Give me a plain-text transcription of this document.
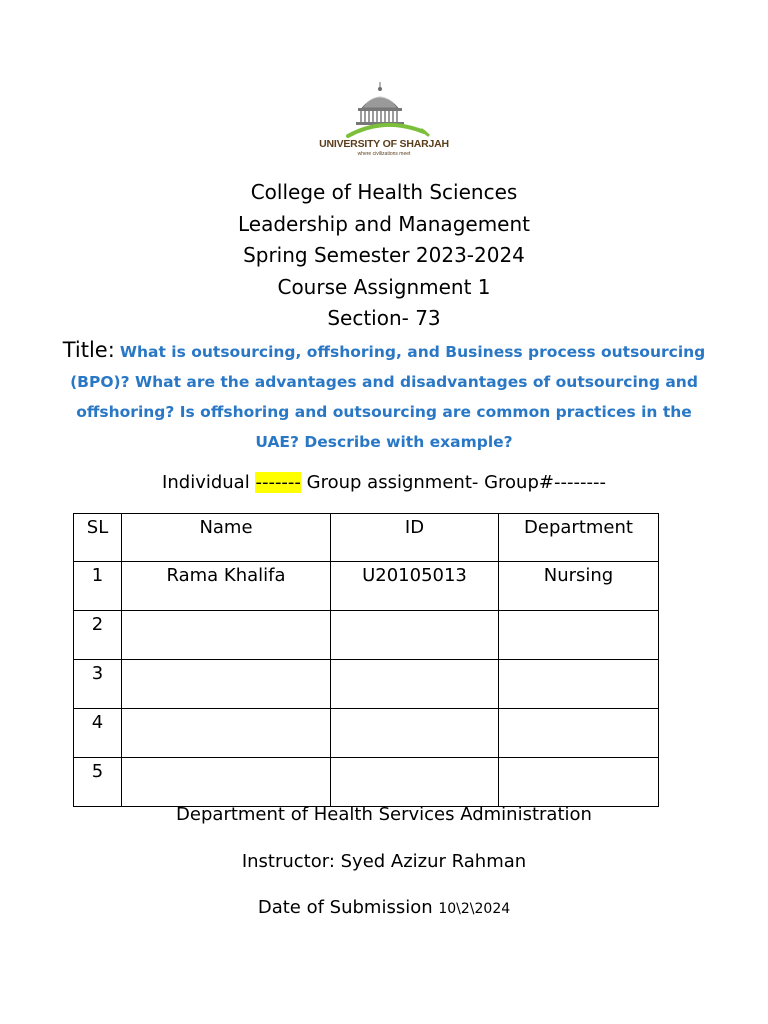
UNIVERSITY OF SHARJAH
where civilizations meet
College of Health Sciences
Leadership and Management
Spring Semester 2023-2024
Course Assignment 1
Section- 73
Title: What is outsourcing, offshoring, and Business process outsourcing (BPO)? What are the advantages and disadvantages of outsourcing and offshoring? Is offshoring and outsourcing are common practices in the UAE? Describe with example?
Individual ------- Group assignment- Group#--------
SL	Name	ID	Department
1	Rama Khalifa	U20105013	Nursing
2			
3			
4			
5			
Department of Health Services Administration
Instructor: Syed Azizur Rahman
Date of Submission 10\2\2024
